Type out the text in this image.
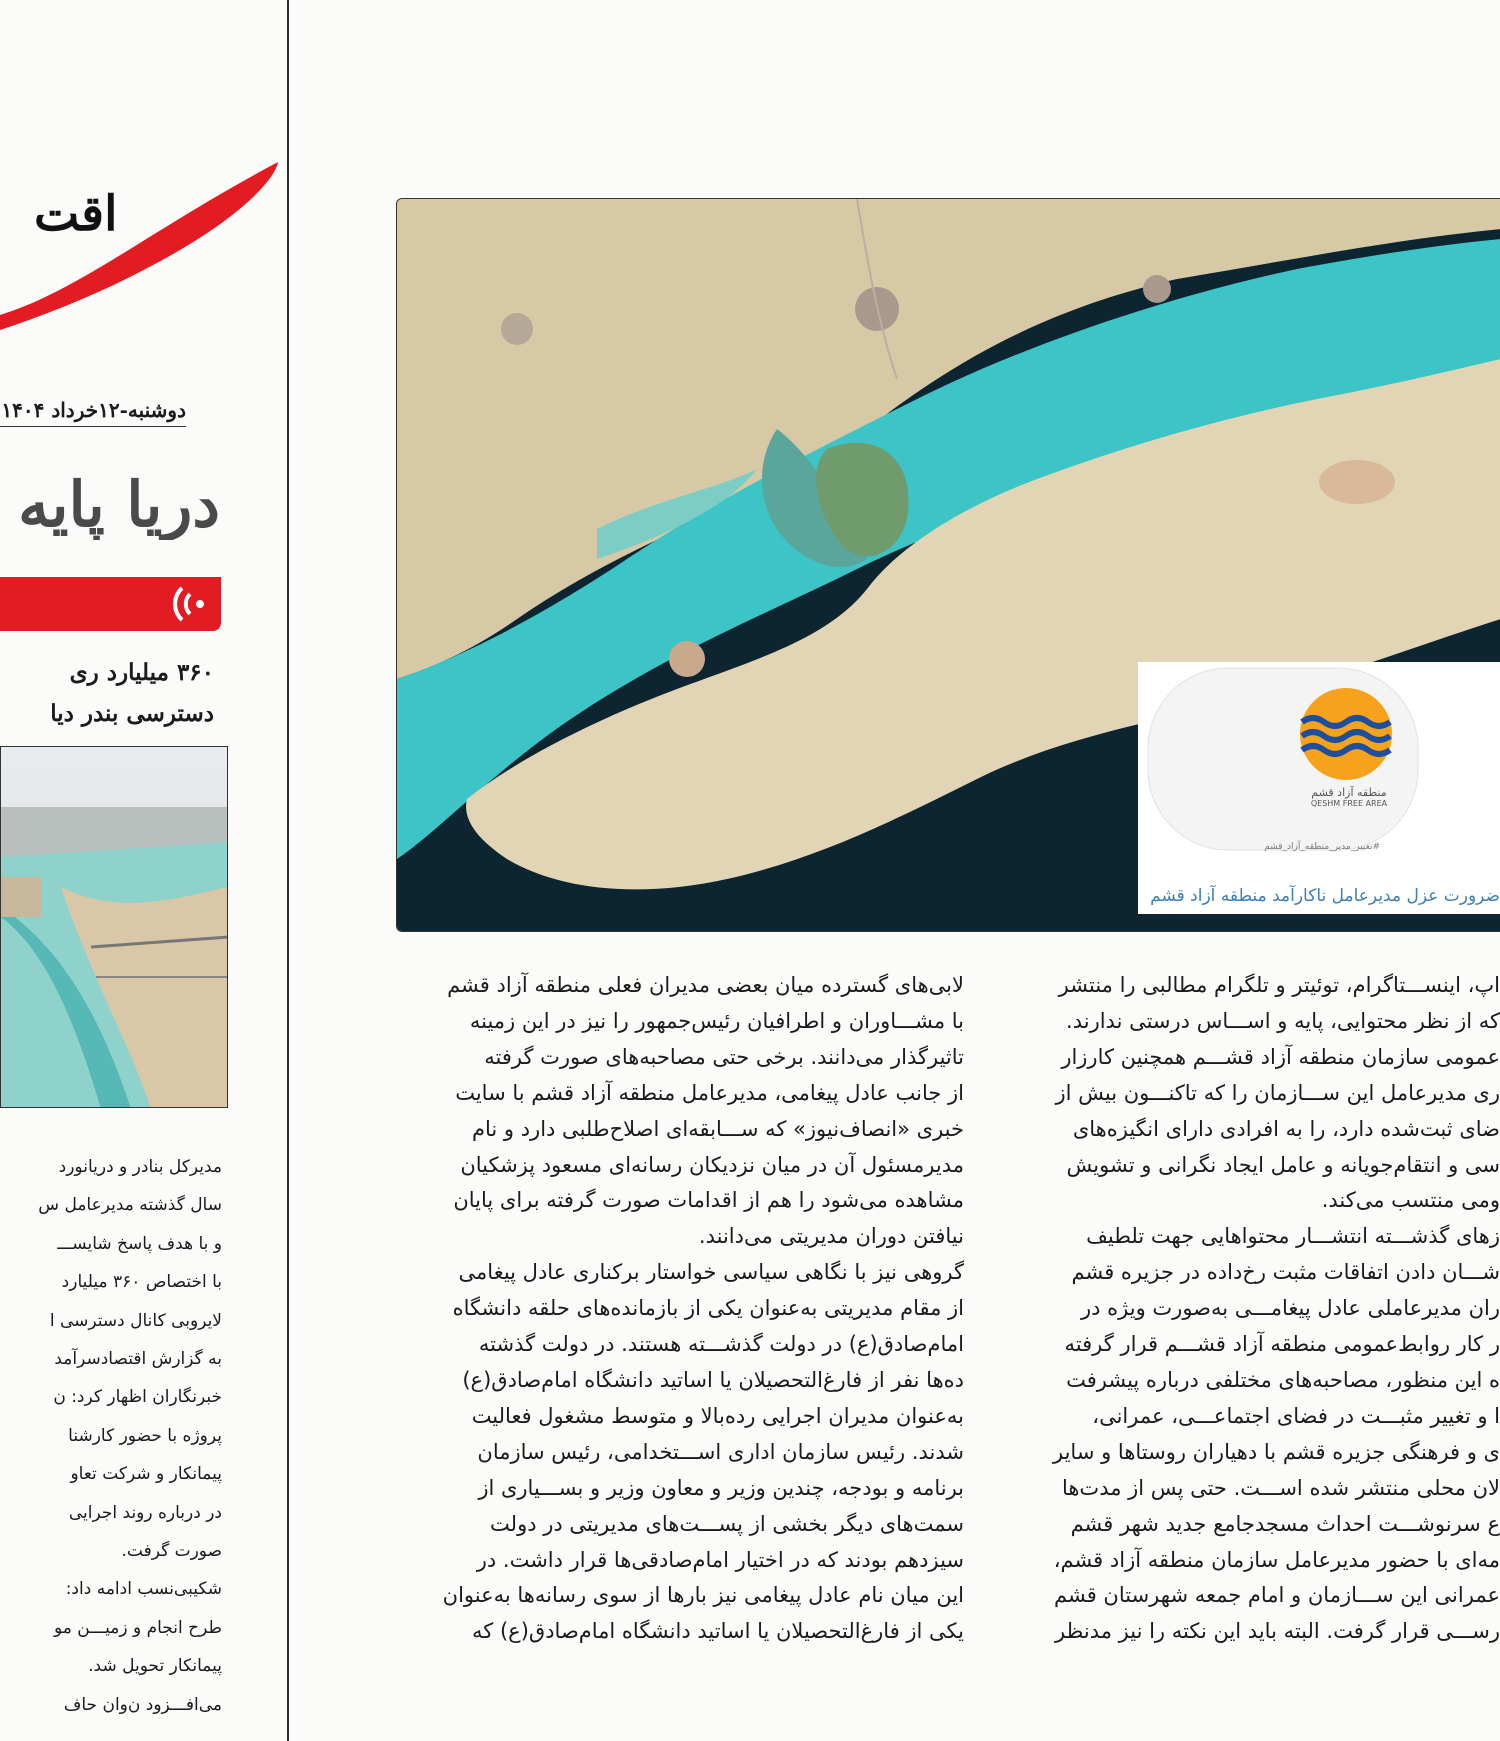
اقت
دوشنبه-۱۲خرداد ۱۴۰۴
دریا پایه
۳۶۰ میلیارد ری
دسترسی بندر دیا
مدیرکل بنادر و دریانورد
سال گذشته مدیرعامل س
و با هدف پاسخ شایســـ
با اختصاص ۳۶۰ میلیارد
لایروبی کانال دسترسی ا
به گزارش اقتصادسرآمد
خبرنگاران اظهار کرد: ن
پروژه با حضور کارشنا
پیمانکار و شرکت تعاو
در درباره روند اجرایی
صورت گرفت.
شکیبی‌نسب ادامه داد:
طرح انجام و زمیـــن مو
پیمانکار تحویل شد.
می‌افـــزود ن‌وان حاف
منطقه آزاد قشم
QESHM FREE AREA
#تغییر_مدیر_منطقه_آزاد_قشم
ضرورت عزل مدیرعامل ناکارآمد منطقه آزاد قشم
لابی‌های گسترده میان بعضی مدیران فعلی منطقه آزاد قشم
با مشـــاوران و اطرافیان رئیس‌جمهور را نیز در این زمینه
تاثیرگذار می‌دانند. برخی حتی مصاحبه‌های صورت گرفته
از جانب عادل پیغامی، مدیرعامل منطقه آزاد قشم با سایت
خبری «انصاف‌نیوز» که ســـابقه‌ای اصلاح‌طلبی دارد و نام
مدیرمسئول آن در میان نزدیکان رسانه‌ای مسعود پزشکیان
مشاهده می‌شود را هم از اقدامات صورت گرفته برای پایان
نیافتن دوران مدیریتی می‌دانند.
گروهی نیز با نگاهی سیاسی خواستار برکناری عادل پیغامی
از مقام مدیریتی به‌عنوان یکی از بازمانده‌های حلقه دانشگاه
امام‌صادق(ع) در دولت گذشـــته هستند. در دولت گذشته
ده‌ها نفر از فارغ‌التحصیلان یا اساتید دانشگاه امام‌صادق(ع)
به‌عنوان مدیران اجرایی رده‌بالا و متوسط مشغول فعالیت
شدند. رئیس سازمان اداری اســـتخدامی، رئیس سازمان
برنامه و بودجه، چندین وزیر و معاون وزیر و بســـیاری از
سمت‌های دیگر بخشی از پســـت‌های مدیریتی در دولت
سیزدهم بودند که در اختیار امام‌صادقی‌ها قرار داشت. در
این میان نام عادل پیغامی نیز بارها از سوی رسانه‌ها به‌عنوان
یکی از فارغ‌التحصیلان یا اساتید دانشگاه امام‌صادق(ع) که
اپ، اینســـتاگرام، توئیتر و تلگرام مطالبی را منتشر
که از نظر محتوایی، پایه و اســـاس درستی ندارند.
عمومی سازمان منطقه آزاد قشـــم همچنین کارزار
ری مدیرعامل این ســـازمان را که تاکنـــون بیش از
ضای ثبت‌شده دارد، را به افرادی دارای انگیزه‌های
سی و انتقام‌جویانه و عامل ایجاد نگرانی و تشویش
ومی منتسب می‌کند.
زهای گذشـــته انتشـــار محتواهایی جهت تلطیف
شـــان دادن اتفاقات مثبت رخ‌داده در جزیره قشم
ران مدیرعاملی عادل پیغامـــی به‌صورت ویژه در
ر کار روابط‌عمومی منطقه آزاد قشـــم قرار گرفته
ه این منظور، مصاحبه‌های مختلفی درباره پیشرفت
ا و تغییر مثبـــت در فضای اجتماعـــی، عمرانی،
ی و فرهنگی جزیره قشم با دهیاران روستاها و سایر
لان محلی منتشر شده اســـت. حتی پس از مدت‌ها
ع سرنوشـــت احداث مسجدجامع جدید شهر قشم
مه‌ای با حضور مدیرعامل سازمان منطقه آزاد قشم،
عمرانی این ســـازمان و امام جمعه شهرستان قشم
رســـی قرار گرفت. البته باید این نکته را نیز مدنظر
